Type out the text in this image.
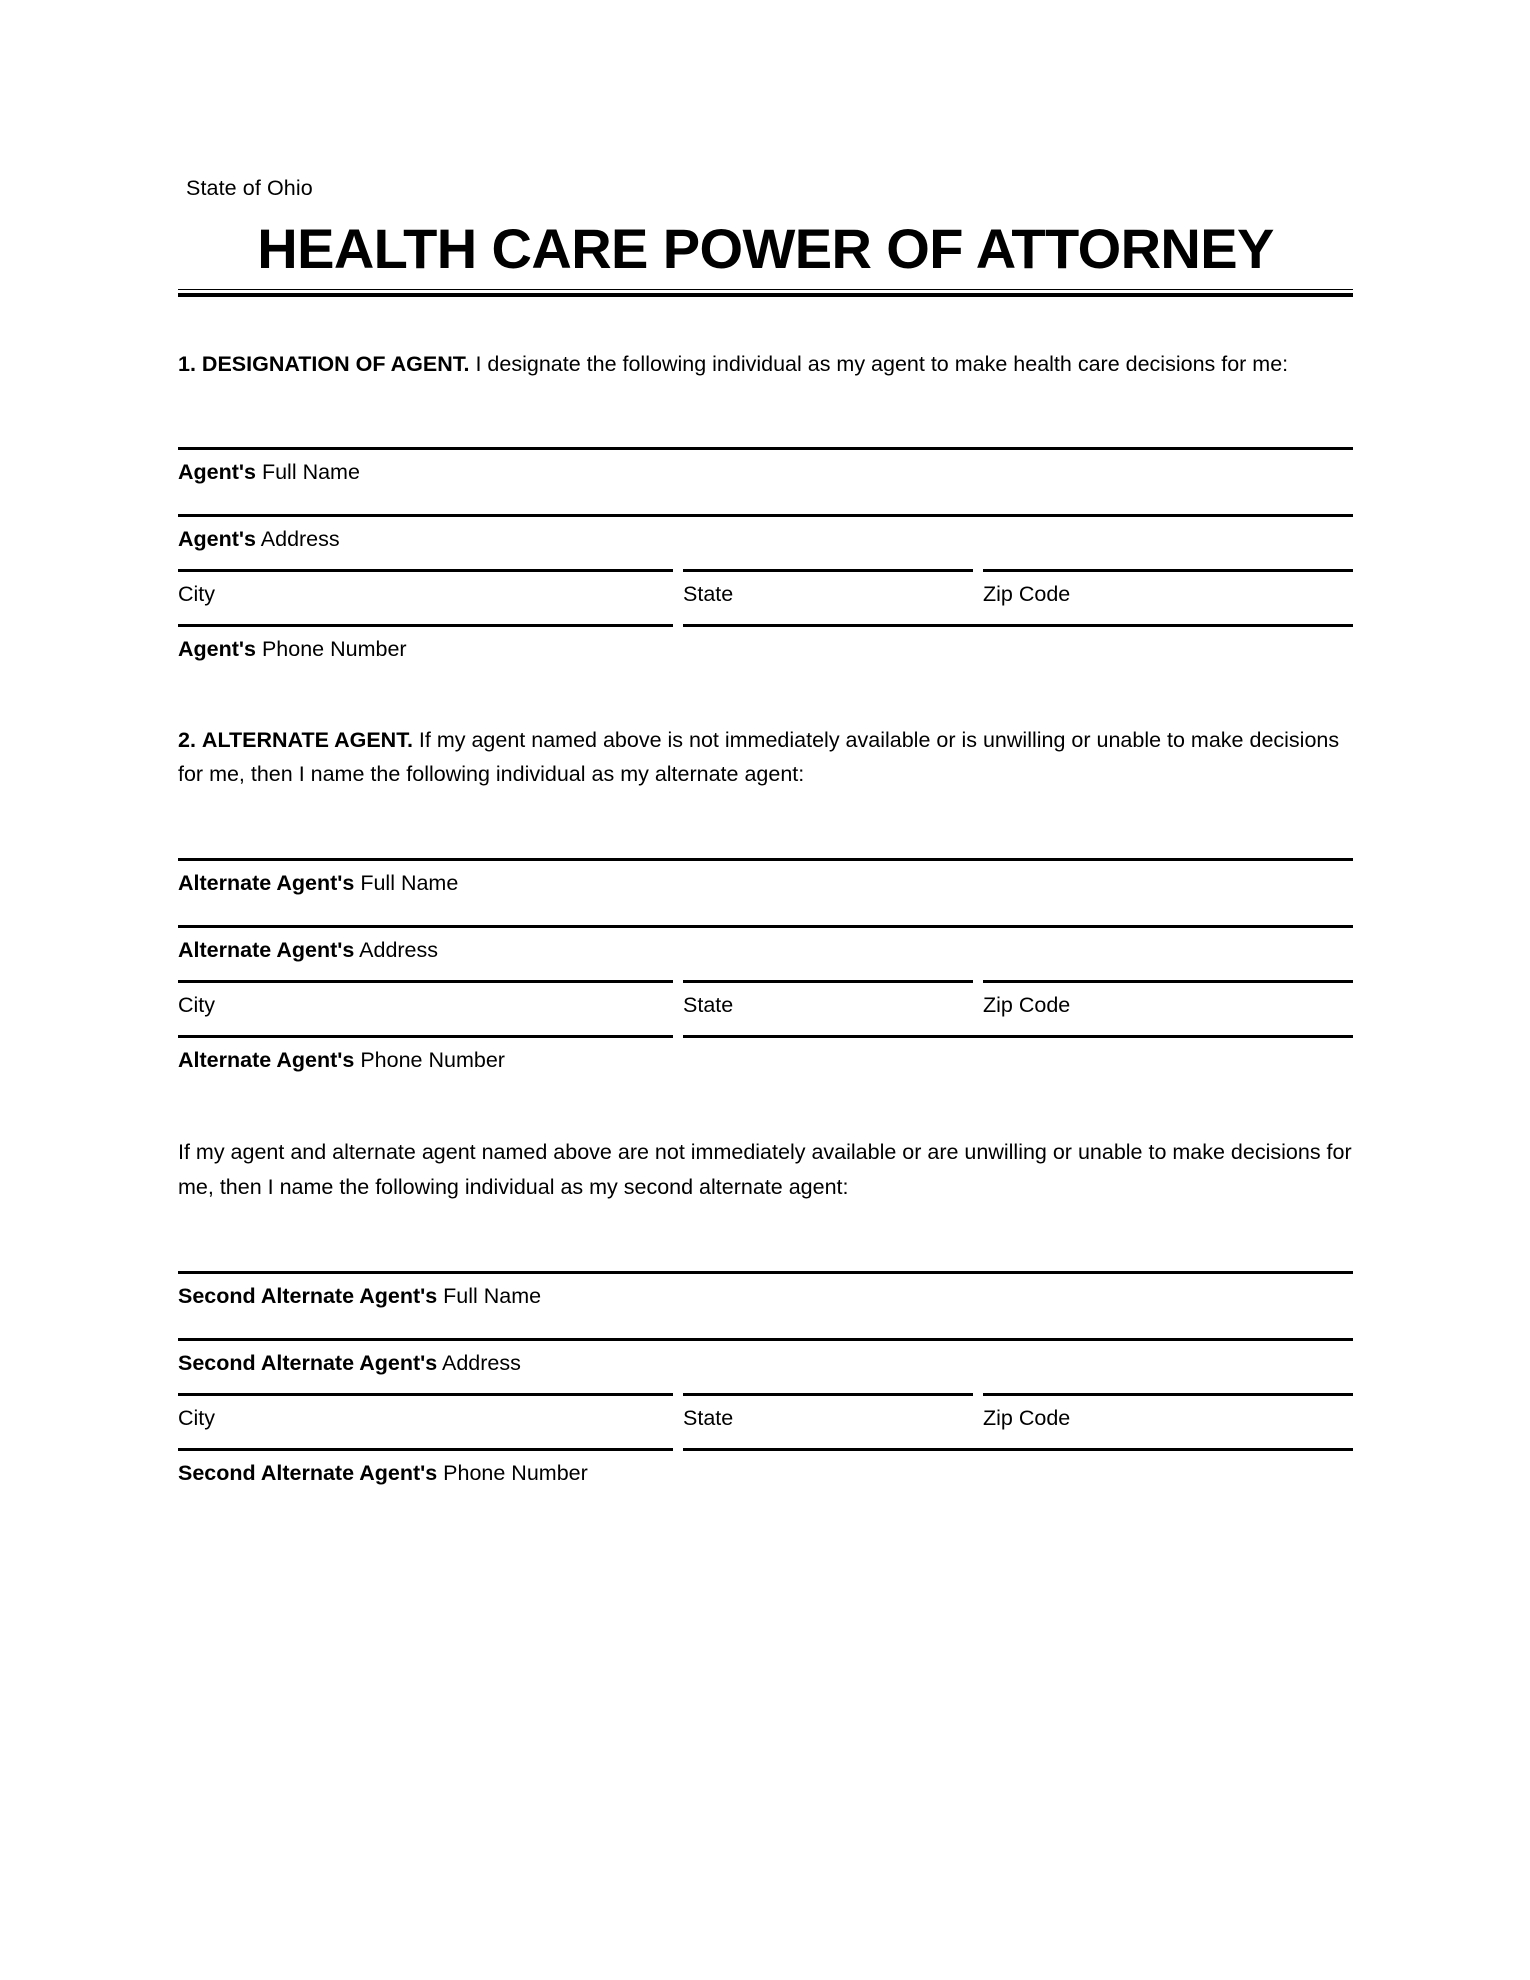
State of Ohio
HEALTH CARE POWER OF ATTORNEY

1. DESIGNATION OF AGENT. I designate the following individual as my agent to make health care decisions for me:

Agent's Full Name
Agent's Address
City	State	Zip Code
Agent's Phone Number

2. ALTERNATE AGENT. If my agent named above is not immediately available or is unwilling or unable to make decisions for me, then I name the following individual as my alternate agent:

Alternate Agent's Full Name
Alternate Agent's Address
City	State	Zip Code
Alternate Agent's Phone Number

If my agent and alternate agent named above are not immediately available or are unwilling or unable to make decisions for me, then I name the following individual as my second alternate agent:

Second Alternate Agent's Full Name
Second Alternate Agent's Address
City	State	Zip Code
Second Alternate Agent's Phone Number
